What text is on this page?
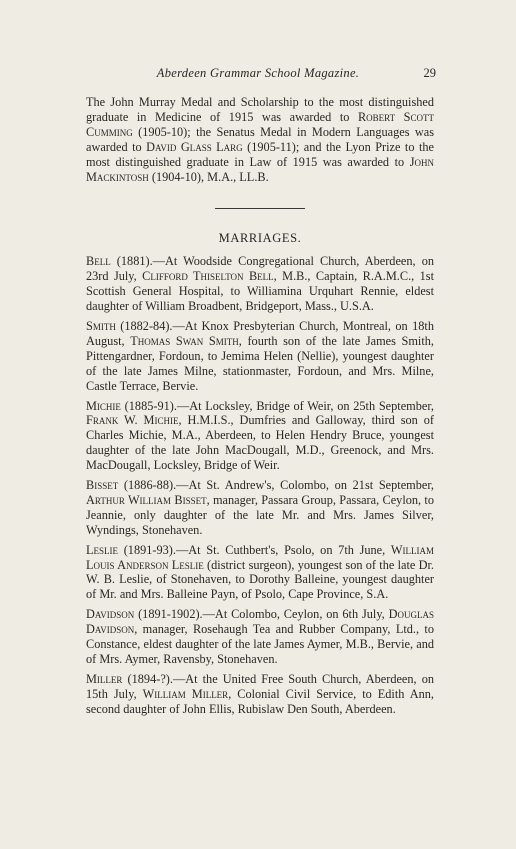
Aberdeen Grammar School Magazine.	29

The John Murray Medal and Scholarship to the most distinguished graduate in Medicine of 1915 was awarded to Robert Scott Cumming (1905-10); the Senatus Medal in Modern Languages was awarded to David Glass Larg (1905-11); and the Lyon Prize to the most distinguished graduate in Law of 1915 was awarded to John Mackintosh (1904-10), M.A., LL.B.

MARRIAGES.

Bell (1881).—At Woodside Congregational Church, Aberdeen, on 23rd July, Clifford Thiselton Bell, M.B., Captain, R.A.M.C., 1st Scottish General Hospital, to Williamina Urquhart Rennie, eldest daughter of William Broadbent, Bridgeport, Mass., U.S.A.

Smith (1882-84).—At Knox Presbyterian Church, Montreal, on 18th August, Thomas Swan Smith, fourth son of the late James Smith, Pittengardner, Fordoun, to Jemima Helen (Nellie), youngest daughter of the late James Milne, stationmaster, Fordoun, and Mrs. Milne, Castle Terrace, Bervie.

Michie (1885-91).—At Locksley, Bridge of Weir, on 25th September, Frank W. Michie, H.M.I.S., Dumfries and Galloway, third son of Charles Michie, M.A., Aberdeen, to Helen Hendry Bruce, youngest daughter of the late John MacDougall, M.D., Greenock, and Mrs. MacDougall, Locksley, Bridge of Weir.

Bisset (1886-88).—At St. Andrew's, Colombo, on 21st September, Arthur William Bisset, manager, Passara Group, Passara, Ceylon, to Jeannie, only daughter of the late Mr. and Mrs. James Silver, Wyndings, Stonehaven.

Leslie (1891-93).—At St. Cuthbert's, Psolo, on 7th June, William Louis Anderson Leslie (district surgeon), youngest son of the late Dr. W. B. Leslie, of Stonehaven, to Dorothy Balleine, youngest daughter of Mr. and Mrs. Balleine Payn, of Psolo, Cape Province, S.A.

Davidson (1891-1902).—At Colombo, Ceylon, on 6th July, Douglas Davidson, manager, Rosehaugh Tea and Rubber Company, Ltd., to Constance, eldest daughter of the late James Aymer, M.B., Bervie, and of Mrs. Aymer, Ravensby, Stonehaven.

Miller (1894-?).—At the United Free South Church, Aberdeen, on 15th July, William Miller, Colonial Civil Service, to Edith Ann, second daughter of John Ellis, Rubislaw Den South, Aberdeen.
